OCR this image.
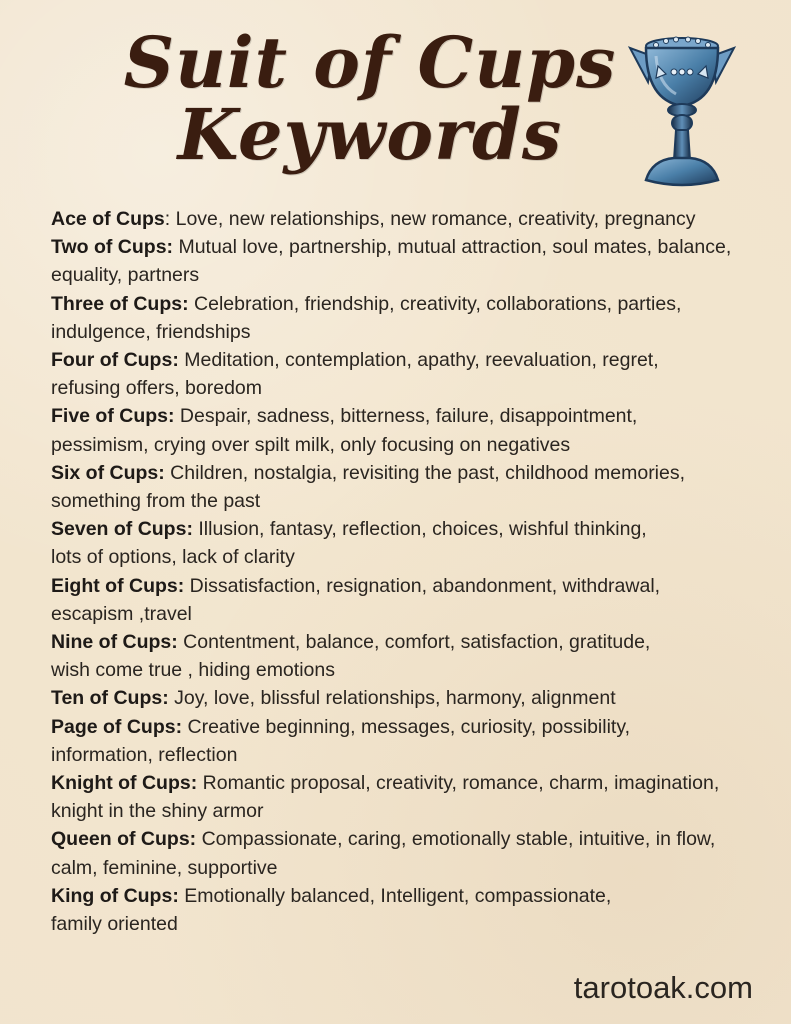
Suit of Cups
Keywords
Ace of Cups: Love, new relationships, new romance, creativity, pregnancy
Two of Cups: Mutual love, partnership, mutual attraction, soul mates, balance,
equality, partners
Three of Cups: Celebration, friendship, creativity, collaborations, parties,
indulgence, friendships
Four of Cups: Meditation, contemplation, apathy, reevaluation, regret,
refusing offers, boredom
Five of Cups: Despair, sadness, bitterness, failure, disappointment,
pessimism, crying over spilt milk, only focusing on negatives
Six of Cups: Children, nostalgia, revisiting the past, childhood memories,
something from the past
Seven of Cups: Illusion, fantasy, reflection, choices, wishful thinking,
lots of options, lack of clarity
Eight of Cups: Dissatisfaction, resignation, abandonment, withdrawal,
escapism ,travel
Nine of Cups: Contentment, balance, comfort, satisfaction, gratitude,
wish come true , hiding emotions
Ten of Cups: Joy, love, blissful relationships, harmony, alignment
Page of Cups: Creative beginning, messages, curiosity, possibility,
information, reflection
Knight of Cups: Romantic proposal, creativity, romance, charm, imagination,
knight in the shiny armor
Queen of Cups: Compassionate, caring, emotionally stable, intuitive, in flow,
calm, feminine, supportive
King of Cups: Emotionally balanced, Intelligent, compassionate,
family oriented
tarotoak.com
